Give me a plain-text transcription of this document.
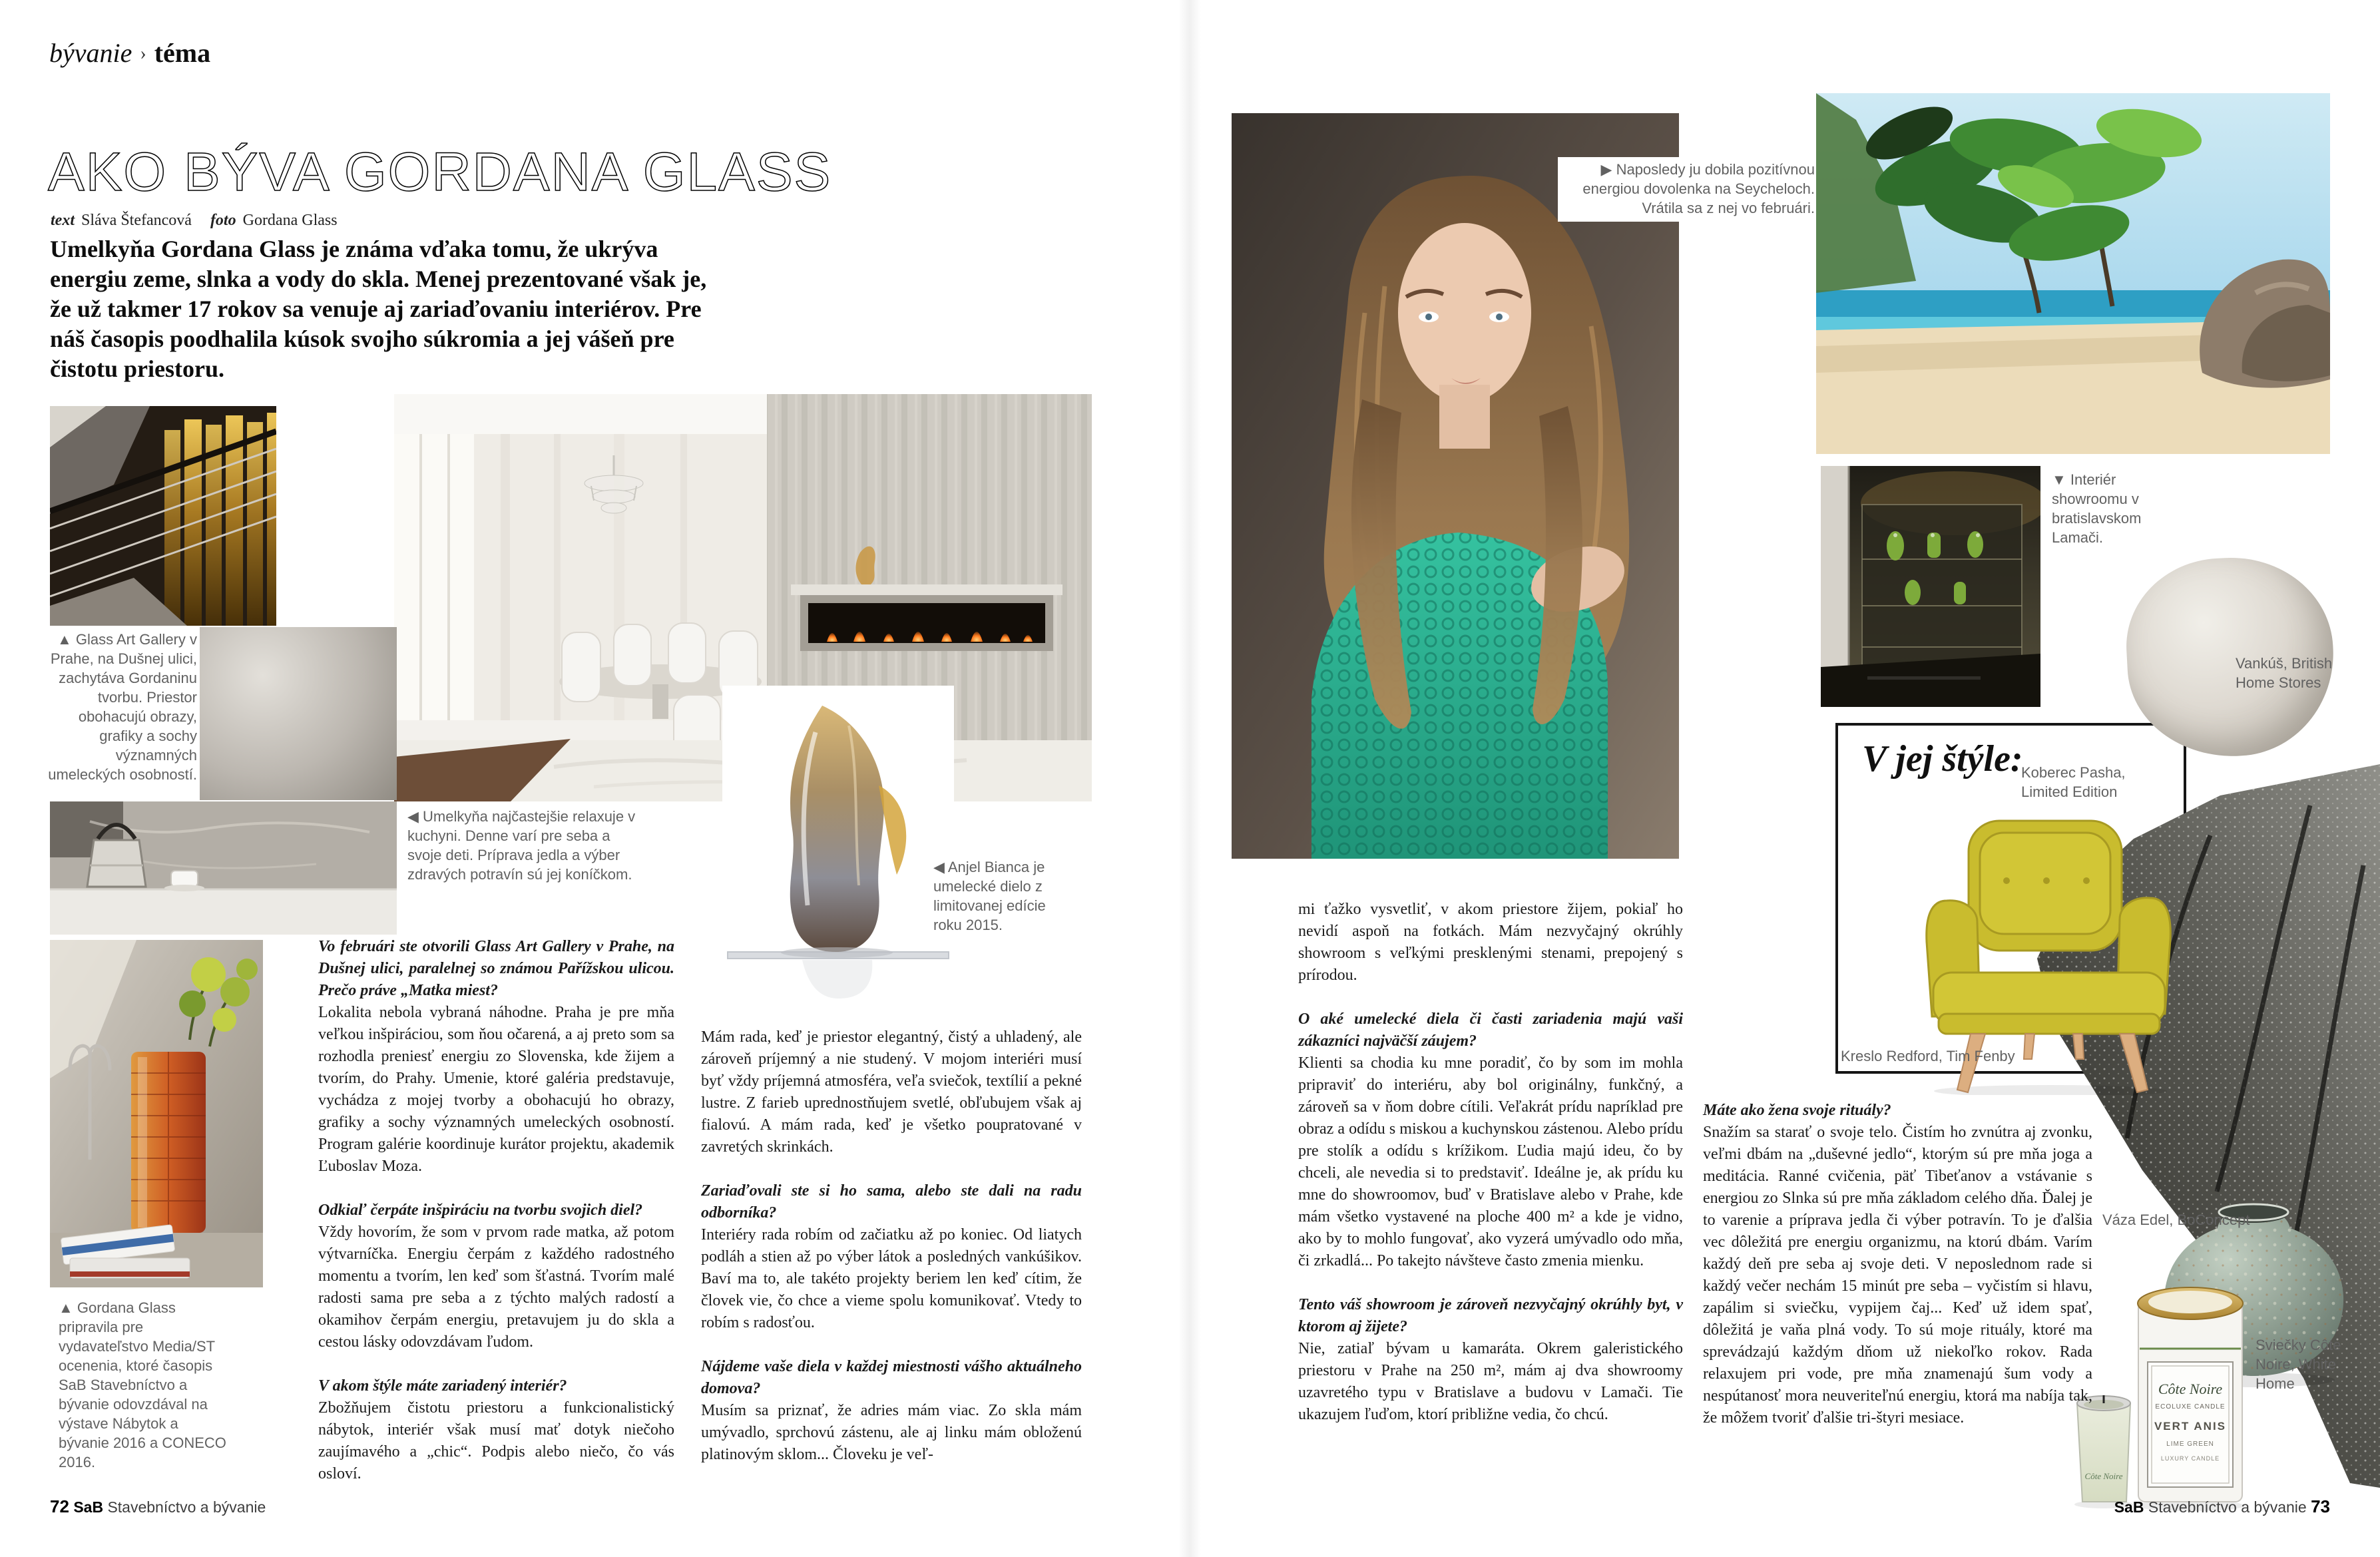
V jej štýle:
Côte Noire
ECOLUXE CANDLE
VERT ANIS
LIME GREEN
LUXURY CANDLE
Côte Noire
bývanie › téma
AKO BÝVA GORDANA GLASS
text Sláva Štefancová foto Gordana Glass
Umelkyňa Gordana Glass je známa vďaka tomu, že ukrýva energiu zeme, slnka a vody do skla. Menej prezentované však je, že už takmer 17 rokov sa venuje aj zariaďovaniu interiérov. Pre náš časopis poodhalila kúsok svojho súkromia a jej vášeň pre čistotu priestoru.
▲ Glass Art Gallery v Prahe, na Dušnej ulici, zachytáva Gordaninu tvorbu. Priestor obohacujú obrazy, grafiky a sochy významných umeleckých osobností.
◀ Umelkyňa najčastejšie relaxuje v kuchyni. Denne varí pre seba a svoje deti. Príprava jedla a výber zdravých potravín sú jej koníčkom.	◀ Anjel Bianca je umelecké dielo z limitovanej edície roku 2015.
▲ Gordana Glass pripravila pre vydavateľstvo Media/ST ocenenia, ktoré časopis SaB Stavebníctvo a bývanie odovzdával na výstave Nábytok a bývanie 2016 a CONECO 2016.
▶ Naposledy ju dobila pozitívnou energiou dovolenka na Seycheloch. Vrátila sa z nej vo februári.
▼ Interiér showroomu v bratislavskom Lamači.
Vankúš, British Home Stores
Koberec Pasha, Limited Edition
Kreslo Redford, Tim Fenby
Váza Edel, BoConcept
Sviečky Côte Noire, White Home

Vo februári ste otvorili Glass Art Gallery v Prahe, na Dušnej ulici, paralelnej so známou Pařížskou ulicou. Prečo práve „Matka miest?

Lokalita nebola vybraná náhodne. Praha je pre mňa veľkou inšpiráciou, som ňou očarená, a aj preto som sa rozhodla preniesť energiu zo Slovenska, kde žijem a tvorím, do Prahy. Umenie, ktoré galéria predstavuje, vychádza z mojej tvorby a obohacujú ho obrazy, grafiky a sochy významných umeleckých osobností. Program galérie koordinuje kurátor projektu, akademik Ľuboslav Moza.

Odkiaľ čerpáte inšpiráciu na tvorbu svojich diel?

Vždy hovorím, že som v prvom rade matka, až potom výtvarníčka. Energiu čerpám z každého radostného momentu a tvorím, len keď som šťastná. Tvorím malé radosti sama pre seba a z týchto malých radostí a okamihov čerpám energiu, pretavujem ju do skla a cestou lásky odovzdávam ľudom.

V akom štýle máte zariadený interiér?

Zbožňujem čistotu priestoru a funkcionalistický nábytok, interiér však musí mať dotyk niečoho zaujímavého a „chic“. Podpis alebo niečo, čo vás osloví.

Mám rada, keď je priestor elegantný, čistý a uhladený, ale zároveň príjemný a nie studený. V mojom interiéri musí byť vždy príjemná atmosféra, veľa sviečok, textílií a pekné lustre. Z farieb uprednostňujem svetlé, obľubujem však aj fialovú. A mám rada, keď je všetko poupratované v zavretých skrinkách.

Zariaďovali ste si ho sama, alebo ste dali na radu odborníka?

Interiéry rada robím od začiatku až po koniec. Od liatych podláh a stien až po výber látok a posledných vankúšikov. Baví ma to, ale takéto projekty beriem len keď cítim, že človek vie, čo chce a vieme spolu komunikovať. Vtedy to robím s radosťou.

Nájdeme vaše diela v každej miestnosti vášho aktuálneho domova?

Musím sa priznať, že adries mám viac. Zo skla mám umývadlo, sprchovú zástenu, ale aj linku mám obloženú platinovým sklom... Človeku je veľ-

mi ťažko vysvetliť, v akom priestore žijem, pokiaľ ho nevidí aspoň na fotkách. Mám nezvyčajný okrúhly showroom s veľkými presklenými stenami, prepojený s prírodou.

O aké umelecké diela či časti zariadenia majú vaši zákazníci najväčší záujem?

Klienti sa chodia ku mne poradiť, čo by som im mohla pripraviť do interiéru, aby bol originálny, funkčný, a zároveň sa v ňom dobre cítili. Veľakrát prídu napríklad pre obraz a odídu s miskou a kuchynskou zástenou. Alebo prídu pre stolík a odídu s krížikom. Ľudia majú ideu, čo by chceli, ale nevedia si to predstaviť. Ideálne je, ak prídu ku mne do showroomov, buď v Bratislave alebo v Prahe, kde mám všetko vystavené na ploche 400 m² a kde je vidno, ako by to mohlo fungovať, ako vyzerá umývadlo odo mňa, či zrkadlá... Po takejto návšteve často zmenia mienku.

Tento váš showroom je zároveň nezvyčajný okrúhly byt, v ktorom aj žijete?

Nie, zatiaľ bývam u kamaráta. Okrem galeristického priestoru v Prahe na 250 m², mám aj dva showroomy uzavretého typu v Bratislave a budovu v Lamači. Tie ukazujem ľuďom, ktorí približne vedia, čo chcú.

Máte ako žena svoje rituály?

Snažím sa starať o svoje telo. Čistím ho zvnútra aj zvonku, veľmi dbám na „duševné jedlo“, ktorým sú pre mňa joga a meditácia. Ranné cvičenia, päť Tibeťanov a vstávanie s energiou zo Slnka sú pre mňa základom celého dňa. Ďalej je to varenie a príprava jedla či výber potravín. To je ďalšia vec dôležitá pre energiu organizmu, na ktorú dbám. Varím každý deň pre seba aj svoje deti. V neposlednom rade si každý večer nechám 15 minút pre seba – vyčistím si hlavu, zapálim si sviečku, vypijem čaj... Keď už idem spať, dôležitá je vaňa plná vody. To sú moje rituály, ktoré ma sprevádzajú každým dňom už niekoľko rokov. Rada relaxujem pri vode, pre mňa znamenajú šum vody a nespútanosť mora neuveriteľnú energiu, ktorá ma nabíja tak, že môžem tvoriť ďalšie tri-štyri mesiace.

72 SaB Stavebníctvo a bývanie	SaB Stavebníctvo a bývanie 73
